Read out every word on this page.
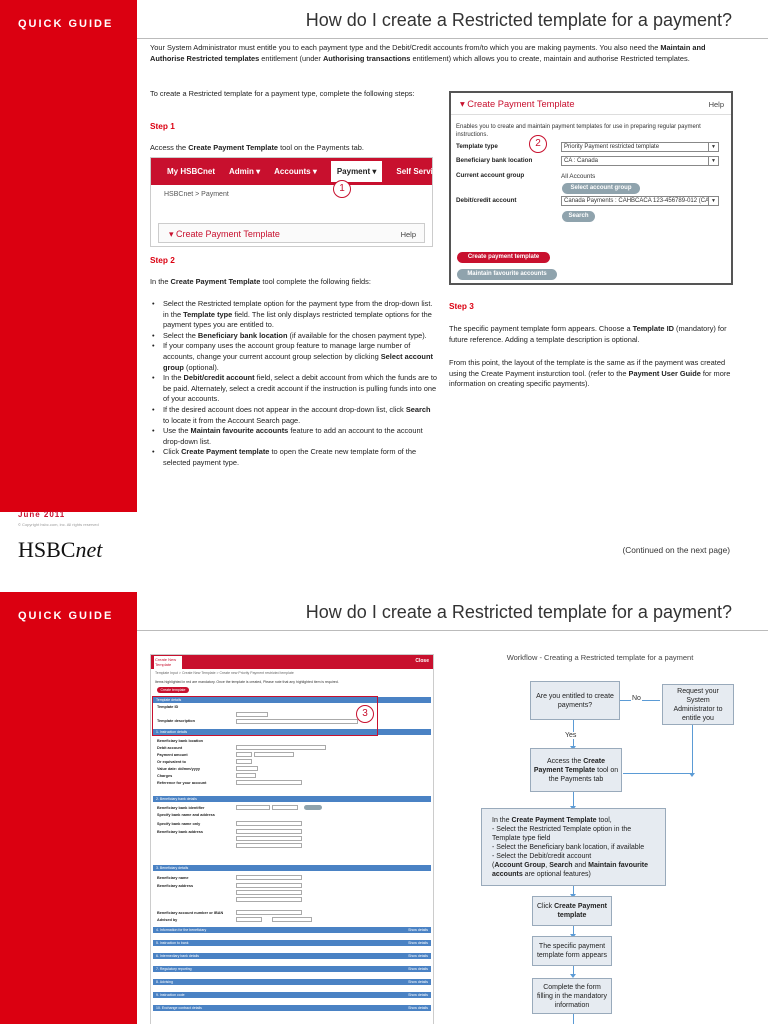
QUICK GUIDE	How do I create a Restricted template for a payment?
Your System Administrator must entitle you to each payment type and the Debit/Credit accounts from/to which you are making payments. You also need the Maintain and Authorise Restricted templates entitlement (under Authorising transactions entitlement) which allows you to create, maintain and authorise Restricted templates.
To create a Restricted template for a payment type, complete the following steps:
Step 1
Access the Create Payment Template tool on the Payments tab.
My HSBCnet Admin ▾ Accounts ▾	Payment ▾	Self Service
HSBCnet > Payment
1
▾ Create Payment Template	Help
Step 2
In the Create Payment Template tool complete the following fields:
• Select the Restricted template option for the payment type from the drop-down list. in the Template type field. The list only displays restricted template options for the payment types you are entitled to.
• Select the Beneficiary bank location (if available for the chosen payment type).
• If your company uses the account group feature to manage large number of accounts, change your current account group selection by clicking Select account group (optional).
• In the Debit/credit account field, select a debit account from which the funds are to be paid. Alternately, select a credit account if the instruction is pulling funds into one of your accounts.
• If the desired account does not appear in the account drop-down list, click Search to locate it from the Account Search page.
• Use the Maintain favourite accounts feature to add an account to the account drop-down list.
• Click Create Payment template to open the Create new template form of the selected payment type.
▾ Create Payment Template	Help
Enables you to create and maintain payment templates for use in preparing regular payment instructions.
2
Template type	Priority Payment restricted template	▼
Beneficiary bank location	CA : Canada	▼
Current account group	All Accounts
Select account group
Debit/credit account	Canada Payments : CAHBCACA 123-456789-012 (CA ▼
Search
Create payment template
Maintain favourite accounts
Step 3
The specific payment template form appears. Choose a Template ID (mandatory) for future reference. Adding a template description is optional.
From this point, the layout of the template is the same as if the payment was created using the Create Payment insturction tool. (refer to the Payment User Guide for more information on creating specific payments).
June 2011
© Copyright hsbc.com, inc. All rights reserved
HSBCnet	(Continued on the next page)
QUICK GUIDE	How do I create a Restricted template for a payment?
Create New Template
Close
Template Input > Create New Template > Create new Priority Payment restricted template
Items highlighted in red are mandatory. Once the template is created, Please note that any highlighted item is required.
Create template
Template details
Template ID
Template description
1. Instruction details
Beneficiary bank location
Debit account
Payment amount
Or equivalent to
Value date: dd/mm/yyyy
Charges
Reference for your account
2. Beneficiary bank details
Beneficiary bank identifier
Specify bank name and address
Specify bank name only
Beneficiary bank address
3. Beneficiary details
Beneficiary name
Beneficiary address
Beneficiary account number or IBAN
Advised by
4. Information for the beneficiary	Show details
5. Instruction to bank	Show details
6. Intermediary bank details	Show details
7. Regulatory reporting	Show details
8. Advising	Show details
9. Instruction code	Show details
10. Exchange contract details	Show details
3
Workflow - Creating a Restricted template for a payment
Are you entitled to create payments?
No
Request your System Administrator to entitle you
Yes
Access the Create Payment Template tool on the Payments tab
In the Create Payment Template tool,
- Select the Restricted Template option in the Template type field
- Select the Beneficiary bank location, if available
- Select the Debit/credit account
(Account Group, Search and Maintain favourite accounts are optional features)
Click Create Payment template
The specific payment template form appears
Complete the form filling in the mandatory information
